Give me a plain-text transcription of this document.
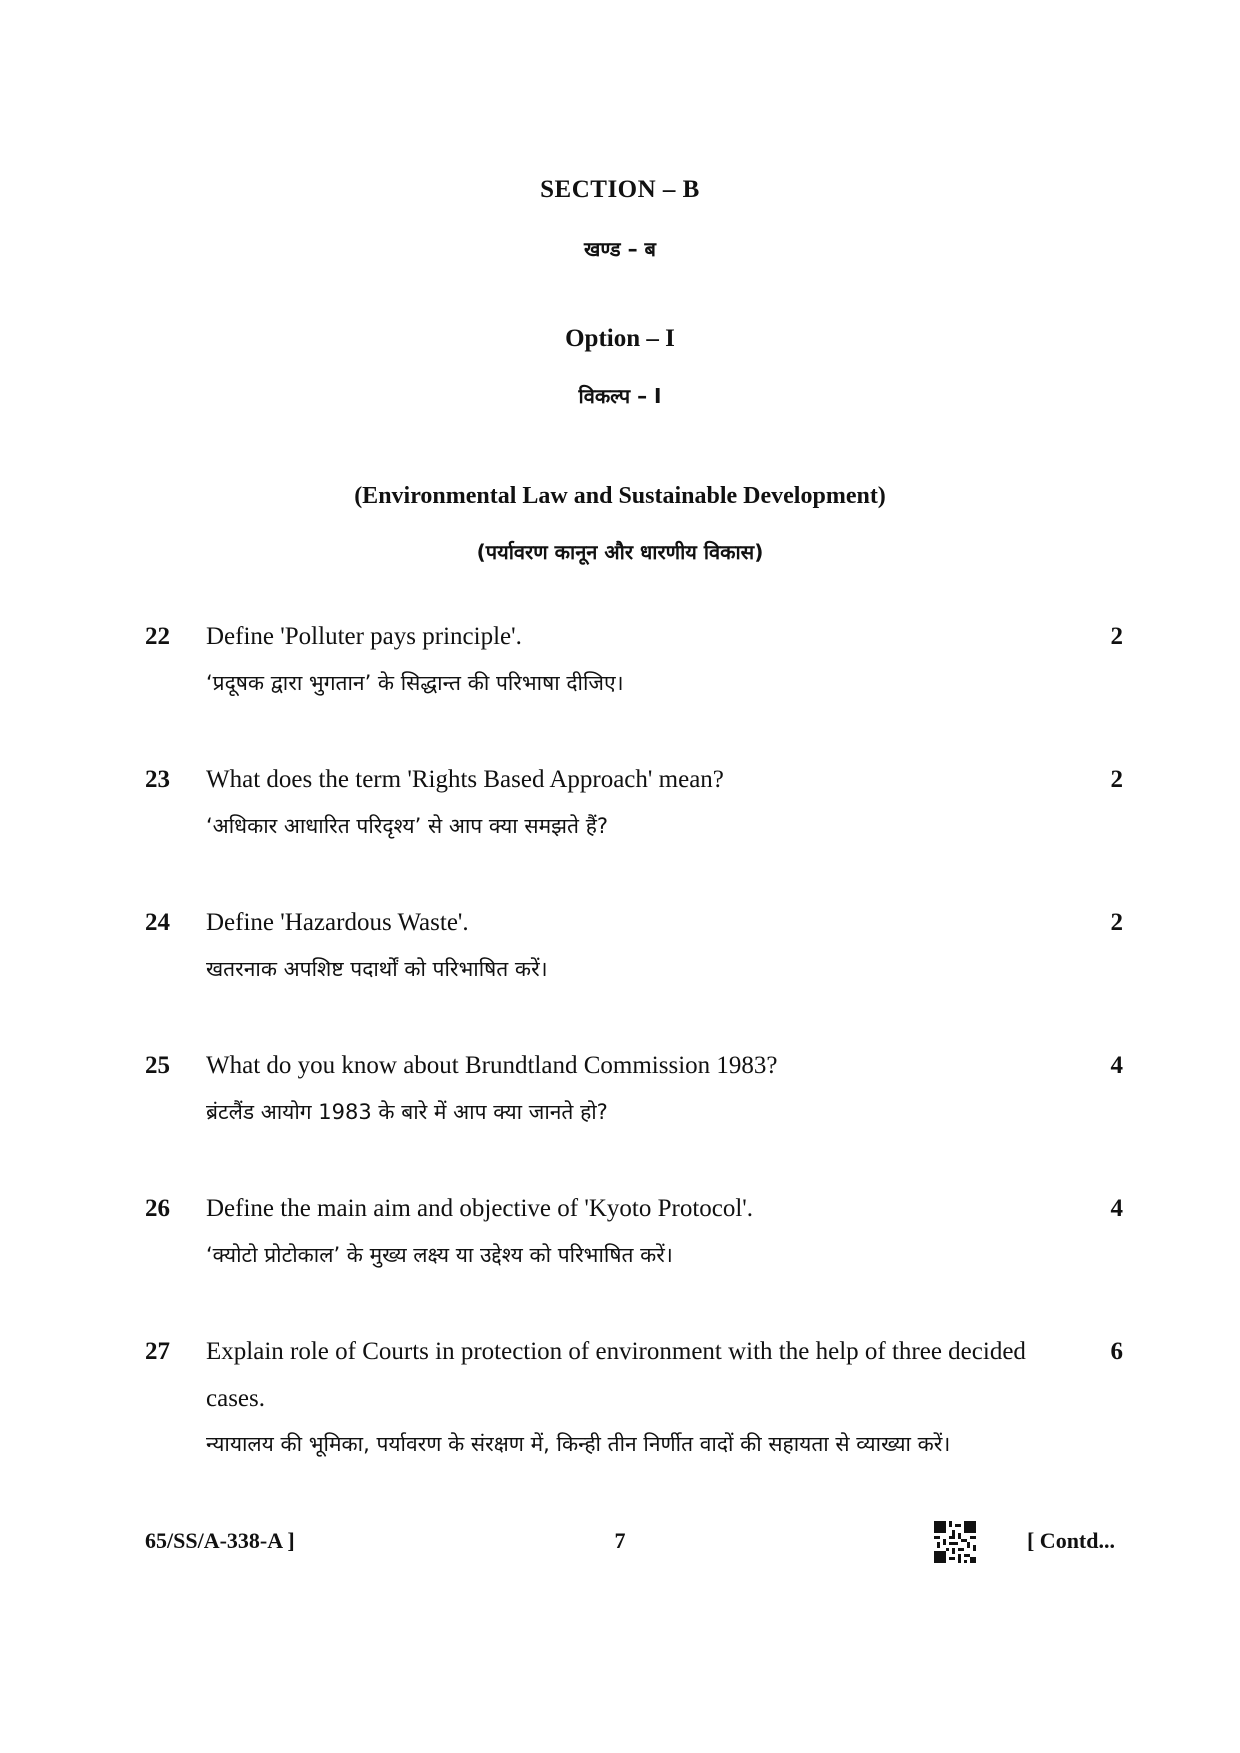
SECTION – B
खण्ड – ब
Option – I
विकल्प – I
(Environmental Law and Sustainable Development)
(पर्यावरण कानून और धारणीय विकास)
22 Define 'Polluter pays principle'.
‘प्रदूषक द्वारा भुगतान’ के सिद्धान्त की परिभाषा दीजिए।
2
23 What does the term 'Rights Based Approach' mean?
‘अधिकार आधारित परिदृश्य’ से आप क्या समझते हैं?
2
24 Define 'Hazardous Waste'.
खतरनाक अपशिष्ट पदार्थों को परिभाषित करें।
2
25 What do you know about Brundtland Commission 1983?
ब्रंटलैंड आयोग 1983 के बारे में आप क्या जानते हो?
4
26 Define the main aim and objective of 'Kyoto Protocol'.
‘क्योटो प्रोटोकाल’ के मुख्य लक्ष्य या उद्देश्य को परिभाषित करें।
4
27 Explain role of Courts in protection of environment with the help of three decided cases.
न्यायालय की भूमिका, पर्यावरण के संरक्षण में, किन्ही तीन निर्णीत वादों की सहायता से व्याख्या करें।
6
65/SS/A-338-A ]	7	[ Contd...
